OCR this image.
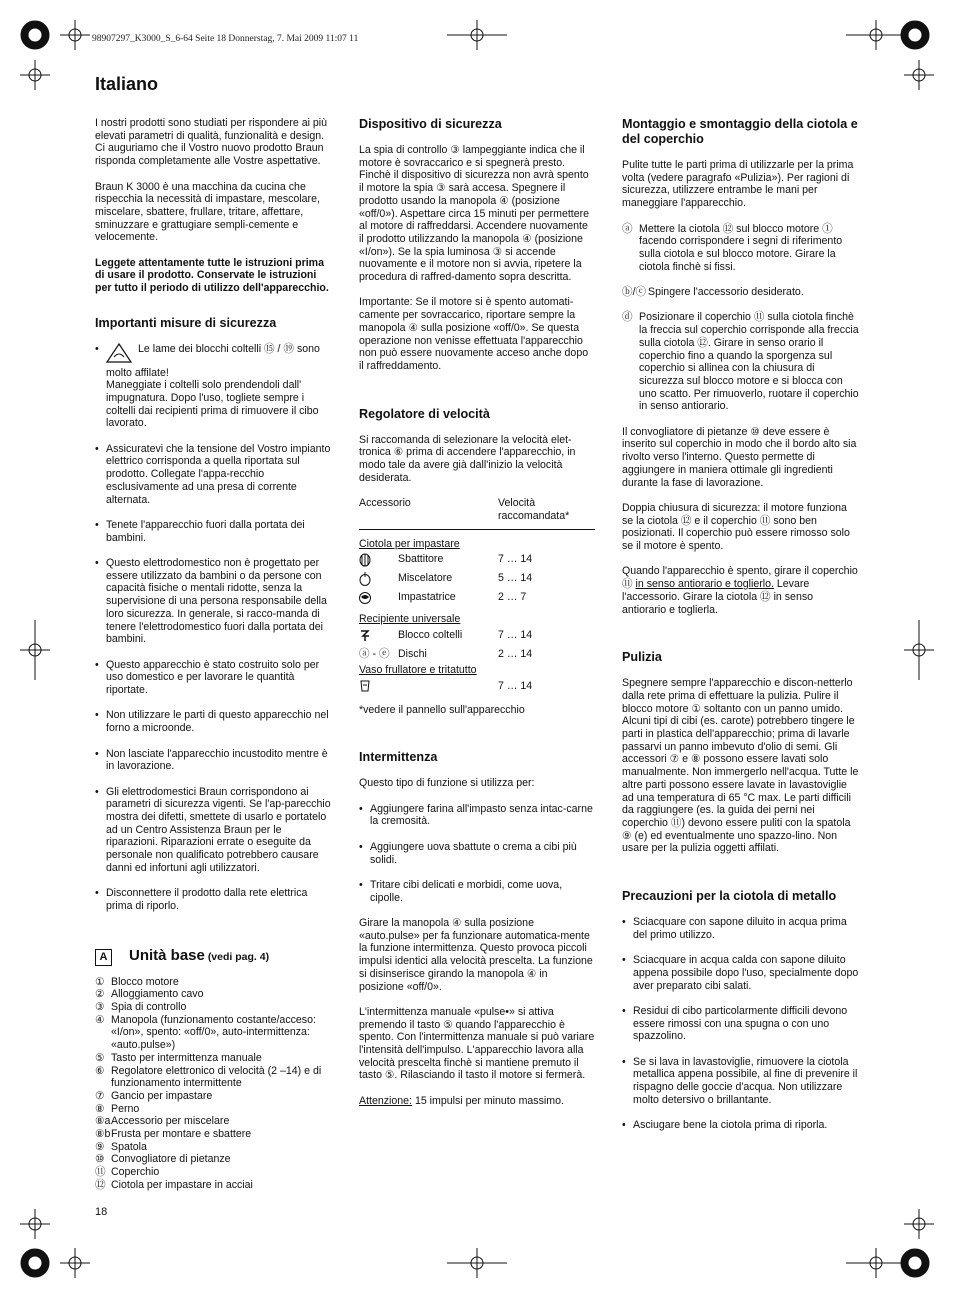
98907297_K3000_S_6-64 Seite 18 Donnerstag, 7. Mai 2009 11:07 11
Italiano

I nostri prodotti sono studiati per rispondere ai più elevati parametri di qualità, funzionalità e design.
Ci auguriamo che il Vostro nuovo prodotto Braun risponda completamente alle Vostre aspettative.

Braun K 3000 è una macchina da cucina che rispecchia la necessità di impastare, mescolare, miscelare, sbattere, frullare, tritare, affettare, sminuzzare e grattugiare sempli-cemente e velocemente.

Leggete attentamente tutte le istruzioni prima di usare il prodotto. Conservate le istruzioni per tutto il periodo di utilizzo dell'apparecchio.

Importanti misure di sicurezza
• Le lame dei blocchi coltelli ⑮ / ⑲ sono molto affilate!
Maneggiate i coltelli solo prendendoli dall' impugnatura. Dopo l'uso, togliete sempre i coltelli dai recipienti prima di rimuovere il cibo lavorato.
• Assicuratevi che la tensione del Vostro impianto elettrico corrisponda a quella riportata sul prodotto. Collegate l'appa-recchio esclusivamente ad una presa di corrente alternata.
• Tenete l'apparecchio fuori dalla portata dei bambini.
• Questo elettrodomestico non è progettato per essere utilizzato da bambini o da persone con capacità fisiche o mentali ridotte, senza la supervisione di una persona responsabile della loro sicurezza. In generale, si racco-manda di tenere l'elettrodomestico fuori dalla portata dei bambini.
• Questo apparecchio è stato costruito solo per uso domestico e per lavorare le quantità riportate.
• Non utilizzare le parti di questo apparecchio nel forno a microonde.
• Non lasciate l'apparecchio incustodito mentre è in lavorazione.
• Gli elettrodomestici Braun corrispondono ai parametri di sicurezza vigenti. Se l'ap-parecchio mostra dei difetti, smettete di usarlo e portatelo ad un Centro Assistenza Braun per le riparazioni. Riparazioni errate o eseguite da personale non qualificato potrebbero causare danni ed infortuni agli utilizzatori.
• Disconnettere il prodotto dalla rete elettrica prima di riporlo.
A	Unità base
(vedi pag. 4)
① Blocco motore
② Alloggiamento cavo
③ Spia di controllo
④ Manopola (funzionamento costante/acceso: «I/on», spento: «off/0», auto-intermittenza: «auto.pulse»)
⑤ Tasto per intermittenza manuale
⑥ Regolatore elettronico di velocità (2 –14) e di funzionamento intermittente
⑦ Gancio per impastare
⑧ Perno
⑧a Accessorio per miscelare
⑧b Frusta per montare e sbattere
⑨ Spatola
⑩ Convogliatore di pietanze
⑪ Coperchio
⑫ Ciotola per impastare in acciai
Dispositivo di sicurezza

La spia di controllo ③ lampeggiante indica che il motore è sovraccarico e si spegnerà presto. Finchè il dispositivo di sicurezza non avrà spento il motore la spia ③ sarà accesa. Spegnere il prodotto usando la manopola ④ (posizione «off/0»). Aspettare circa 15 minuti per permettere al motore di raffreddarsi. Accendere nuovamente il prodotto utilizzando la manopola ④ (posizione «I/on»). Se la spia luminosa ③ si accende nuovamente e il motore non si avvia, ripetere la procedura di raffred-damento sopra descritta.

Importante: Se il motore si è spento automati-camente per sovraccarico, riportare sempre la manopola ④ sulla posizione «off/0». Se questa operazione non venisse effettuata l'apparecchio non può essere nuovamente acceso anche dopo il raffreddamento.

Regolatore di velocità

Si raccomanda di selezionare la velocità elet-tronica ⑥ prima di accendere l'apparecchio, in modo tale da avere già dall'inizio la velocità desiderata.

Accessorio	Velocità raccomandata*
Ciotola per impastare
Sbattitore	7 … 14
Miscelatore	5 … 14
Impastatrice	2 … 7
Recipiente universale
Blocco coltelli	7 … 14
ⓐ - ⓔ Dischi	2 … 14
Vaso frullatore e tritatutto
7 … 14

*vedere il pannello sull'apparecchio

Intermittenza

Questo tipo di funzione si utilizza per:

• Aggiungere farina all'impasto senza intac-carne la cremosità.
• Aggiungere uova sbattute o crema a cibi più solidi.
• Tritare cibi delicati e morbidi, come uova, cipolle.

Girare la manopola ④ sulla posizione «auto.pulse» per fa funzionare automatica-mente la funzione intermittenza. Questo provoca piccoli impulsi identici alla velocità prescelta. La funzione si disinserisce girando la manopola ④ in posizione «off/0».

L'intermittenza manuale «pulse•» si attiva premendo il tasto ⑤ quando l'apparecchio è spento. Con l'intermittenza manuale si può variare l'intensità dell'impulso. L'apparecchio lavora alla velocità prescelta finchè si mantiene premuto il tasto ⑤. Rilasciando il tasto il motore si fermerà.

Attenzione: 15 impulsi per minuto massimo.

Montaggio e smontaggio della ciotola e del coperchio

Pulite tutte le parti prima di utilizzarle per la prima volta (vedere paragrafo «Pulizia»). Per ragioni di sicurezza, utilizzere entrambe le mani per maneggiare l'apparecchio.

ⓐ Mettere la ciotola ⑫ sul blocco motore ① facendo corrispondere i segni di riferimento sulla ciotola e sul blocco motore. Girare la ciotola finchè si fissi.
ⓑ/ⓒ Spingere l'accessorio desiderato.
ⓓ Posizionare il coperchio ⑪ sulla ciotola finchè la freccia sul coperchio corrisponde alla freccia sulla ciotola ⑫. Girare in senso orario il coperchio fino a quando la sporgenza sul coperchio si allinea con la chiusura di sicurezza sul blocco motore e si blocca con uno scatto. Per rimuoverlo, ruotare il coperchio in senso antiorario.

Il convogliatore di pietanze ⑩ deve essere è inserito sul coperchio in modo che il bordo alto sia rivolto verso l'interno. Questo permette di aggiungere in maniera ottimale gli ingredienti durante la fase di lavorazione.

Doppia chiusura di sicurezza: il motore funziona se la ciotola ⑫ e il coperchio ⑪ sono ben posizionati. Il coperchio può essere rimosso solo se il motore è spento.

Quando l'apparecchio è spento, girare il coperchio ⑪ in senso antiorario e toglierlo. Levare l'accessorio. Girare la ciotola ⑫ in senso antiorario e toglierla.

Pulizia

Spegnere sempre l'apparecchio e discon-netterlo dalla rete prima di effettuare la pulizia. Pulire il blocco motore ① soltanto con un panno umido. Alcuni tipi di cibi (es. carote) potrebbero tingere le parti in plastica dell'apparecchio; prima di lavarle passarvi un panno imbevuto d'olio di semi. Gli accessori ⑦ e ⑧ possono essere lavati solo manualmente. Non immergerlo nell'acqua. Tutte le altre parti possono essere lavate in lavastoviglie ad una temperatura di 65 °C max. Le parti difficili da raggiungere (es. la guida dei perni nei coperchio ⑪) devono essere puliti con la spatola ⑨ (e) ed eventualmente uno spazzo-lino. Non usare per la pulizia oggetti affilati.

Precauzioni per la ciotola di metallo
• Sciacquare con sapone diluito in acqua prima del primo utilizzo.
• Sciacquare in acqua calda con sapone diluito appena possibile dopo l'uso, specialmente dopo aver preparato cibi salati.
• Residui di cibo particolarmente difficili devono essere rimossi con una spugna o con uno spazzolino.
• Se si lava in lavastoviglie, rimuovere la ciotola metallica appena possibile, al fine di prevenire il rispagno delle goccie d'acqua. Non utilizzare molto detersivo o brillantante.
• Asciugare bene la ciotola prima di riporla.
18
